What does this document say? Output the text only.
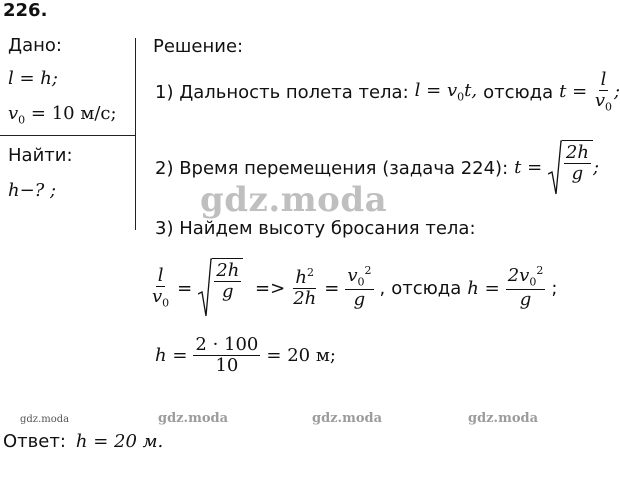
226.
Дано:
l = h;
$v_0 = 10$ м/с;
Найти:
h−? ;
Решение:
1) Дальность полета тела: $l = v_0t$, отсюда $t = \frac{l}{v_0}$ ;
2) Время перемещения (задача 224): $t = \frac{2h}{g}$ ;
gdz.moda
3) Найдем высоту бросания тела:
$\frac{l}{v_0} = \frac{2h}{g} => \frac{h^2}{2h} = \frac{v_0^2}{g}$ , отсюда $h = \frac{2v_0^2}{g}$ ;
$h = \frac{2 \cdot 100}{10} = 20$ м;
gdz.moda	gdz.moda	gdz.moda	gdz.moda
Ответ: h = 20 м.
